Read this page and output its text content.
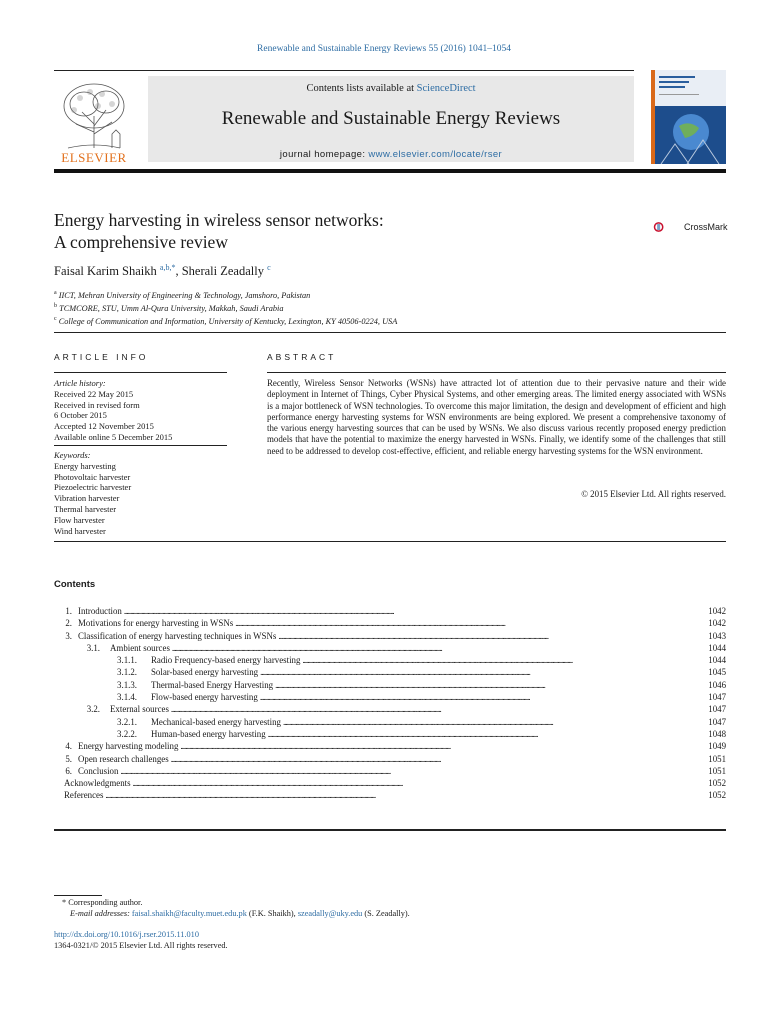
Renewable and Sustainable Energy Reviews 55 (2016) 1041–1054
ELSEVIER
Contents lists available at ScienceDirect
Renewable and Sustainable Energy Reviews
journal homepage: www.elsevier.com/locate/rser
Energy harvesting in wireless sensor networks:
A comprehensive review
CrossMark
Faisal Karim Shaikh $^{a,b,*}$, Sherali Zeadally $^c$
$^a$ IICT, Mehran University of Engineering & Technology, Jamshoro, Pakistan
$^b$ TCMCORE, STU, Umm Al-Qura University, Makkah, Saudi Arabia
$^c$ College of Communication and Information, University of Kentucky, Lexington, KY 40506-0224, USA
ARTICLE INFO	ABSTRACT
Article history:
Received 22 May 2015
Received in revised form
6 October 2015
Accepted 12 November 2015
Available online 5 December 2015
Keywords:
Energy harvesting
Photovoltaic harvester
Piezoelectric harvester
Vibration harvester
Thermal harvester
Flow harvester
Wind harvester
Recently, Wireless Sensor Networks (WSNs) have attracted lot of attention due to their pervasive nature and their wide deployment in Internet of Things, Cyber Physical Systems, and other emerging areas. The limited energy associated with WSNs is a major bottleneck of WSN technologies. To overcome this major limitation, the design and development of efficient and high performance energy harvesting systems for WSN environments are being explored. We present a comprehensive taxonomy of the various energy harvesting sources that can be used by WSNs. We also discuss various recently proposed energy prediction models that have the potential to maximize the energy harvested in WSNs. Finally, we identify some of the challenges that still need to be addressed to develop cost-effective, efficient, and reliable energy harvesting systems for the WSN environment.
© 2015 Elsevier Ltd. All rights reserved.
Contents
1. Introduction . . .	1042
2. Motivations for energy harvesting in WSNs . . .	1042
3. Classification of energy harvesting techniques in WSNs . . .	1043
3.1.	Ambient sources . . .	1044
3.1.1.	Radio Frequency-based energy harvesting . . .	1044
3.1.2.	Solar-based energy harvesting . . .	1045
3.1.3.	Thermal-based Energy Harvesting . . .	1046
3.1.4.	Flow-based energy harvesting . . .	1047
3.2.	External sources . . .	1047
3.2.1.	Mechanical-based energy harvesting . . .	1047
3.2.2.	Human-based energy harvesting . . .	1048
4. Energy harvesting modeling . . .	1049
5. Open research challenges . . .	1051
6. Conclusion . . .	1051
Acknowledgments . . .	1052
References . . .	1052
* Corresponding author.
E-mail addresses: faisal.shaikh@faculty.muet.edu.pk (F.K. Shaikh), szeadally@uky.edu (S. Zeadally).
http://dx.doi.org/10.1016/j.rser.2015.11.010
1364-0321/© 2015 Elsevier Ltd. All rights reserved.
